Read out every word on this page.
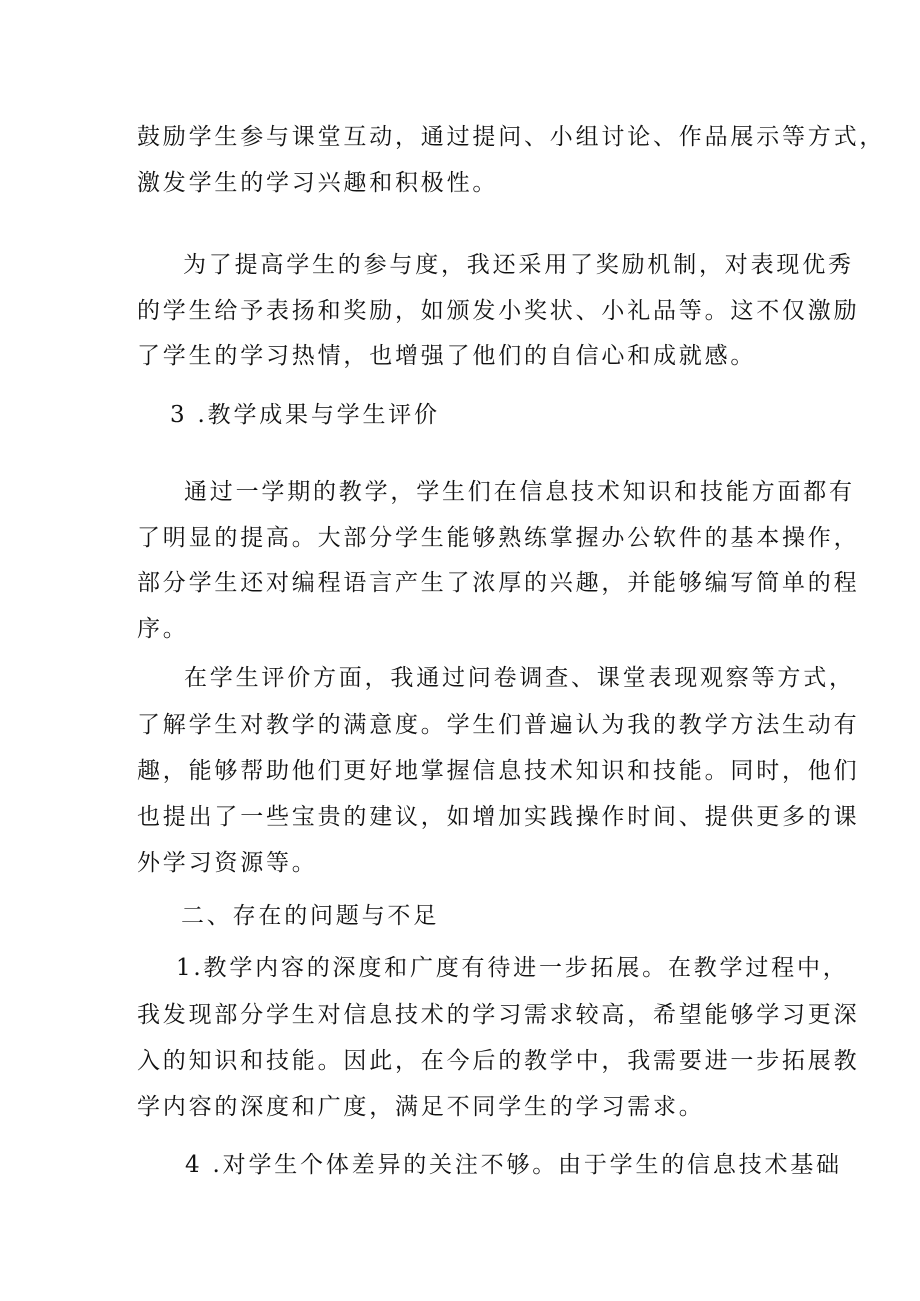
鼓励学生参与课堂互动，通过提问、小组讨论、作品展示等方式，
激发学生的学习兴趣和积极性。
为了提高学生的参与度，我还采用了奖励机制，对表现优秀
的学生给予表扬和奖励，如颁发小奖状、小礼品等。这不仅激励
了学生的学习热情，也增强了他们的自信心和成就感。
3 .教学成果与学生评价
通过一学期的教学，学生们在信息技术知识和技能方面都有
了明显的提高。大部分学生能够熟练掌握办公软件的基本操作，
部分学生还对编程语言产生了浓厚的兴趣，并能够编写简单的程
序。
在学生评价方面，我通过问卷调查、课堂表现观察等方式，
了解学生对教学的满意度。学生们普遍认为我的教学方法生动有
趣，能够帮助他们更好地掌握信息技术知识和技能。同时，他们
也提出了一些宝贵的建议，如增加实践操作时间、提供更多的课
外学习资源等。
二、存在的问题与不足
1.教学内容的深度和广度有待进一步拓展。在教学过程中，
我发现部分学生对信息技术的学习需求较高，希望能够学习更深
入的知识和技能。因此，在今后的教学中，我需要进一步拓展教
学内容的深度和广度，满足不同学生的学习需求。
4 .对学生个体差异的关注不够。由于学生的信息技术基础
